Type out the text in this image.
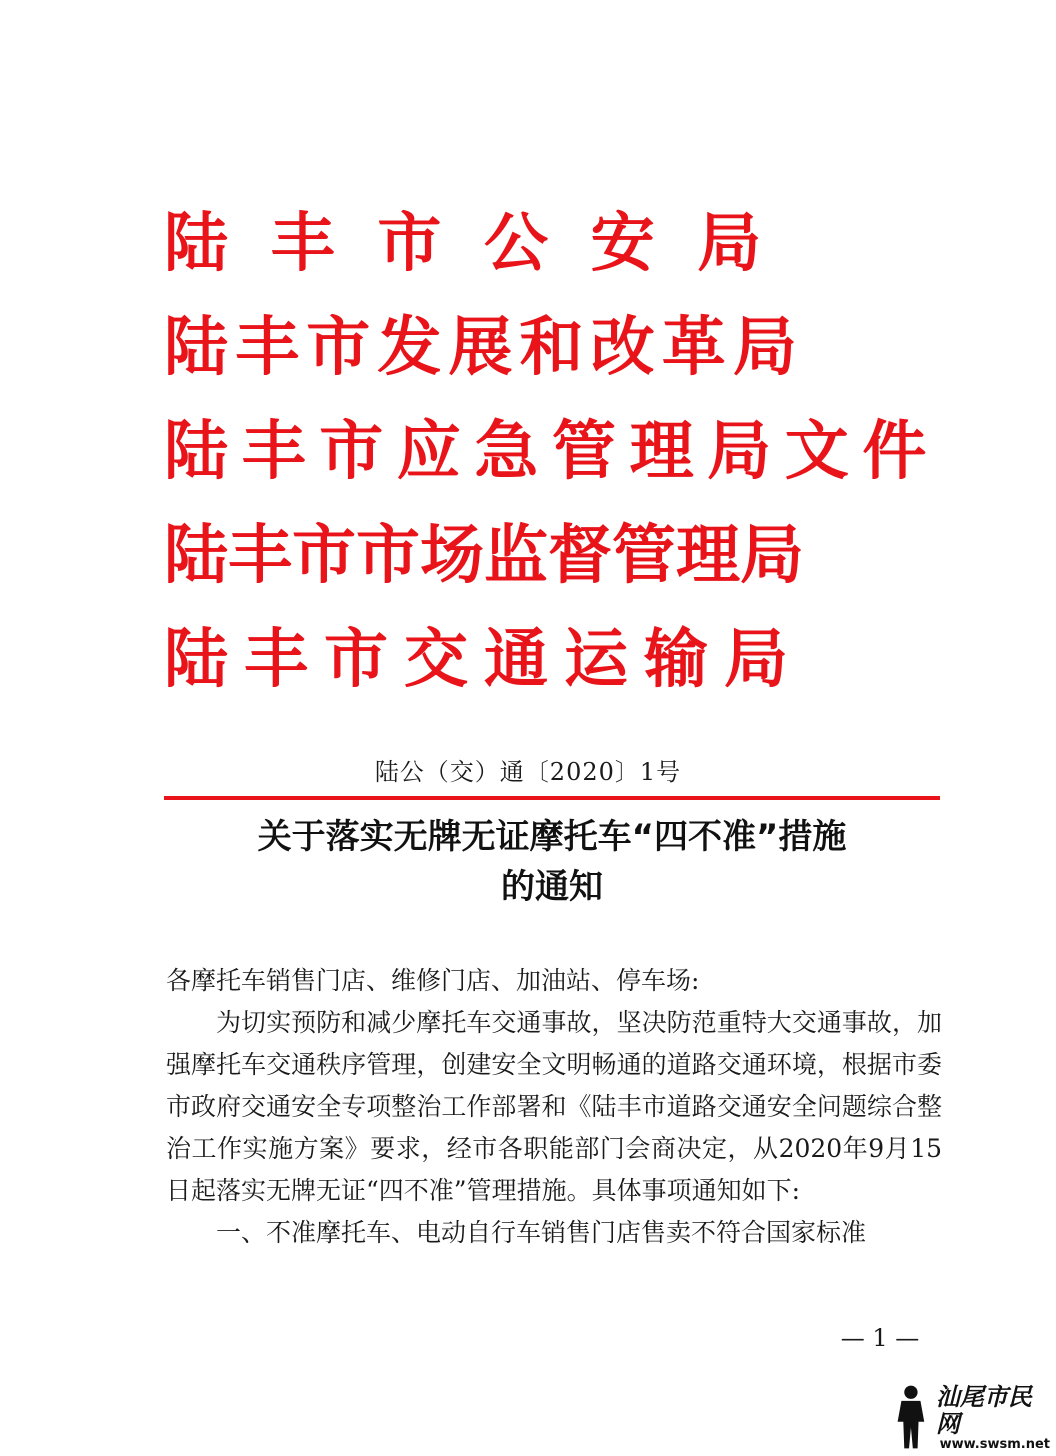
陆 丰 市 公 安 局
陆 丰 市 发 展 和 改 革 局
陆 丰 市 应 急 管 理 局 文 件
陆 丰 市 市 场 监 督 管 理 局
陆 丰 市 交 通 运 输 局
陆公（交）通〔2020〕1号
关于落实无牌无证摩托车“四不准”措施
的通知

各摩托车销售门店、维修门店、加油站、停车场:

为切实预防和减少摩托车交通事故，坚决防范重特大交通事故，加强摩托车交通秩序管理，创建安全文明畅通的道路交通环境，根据市委市政府交通安全专项整治工作部署和《陆丰市道路交通安全问题综合整治工作实施方案》要求，经市各职能部门会商决定，从2020年9月15日起落实无牌无证“四不准”管理措施。具体事项通知如下:

一、不准摩托车、电动自行车销售门店售卖不符合国家标准

— 1 —
汕尾市民网
www.swsm.net
